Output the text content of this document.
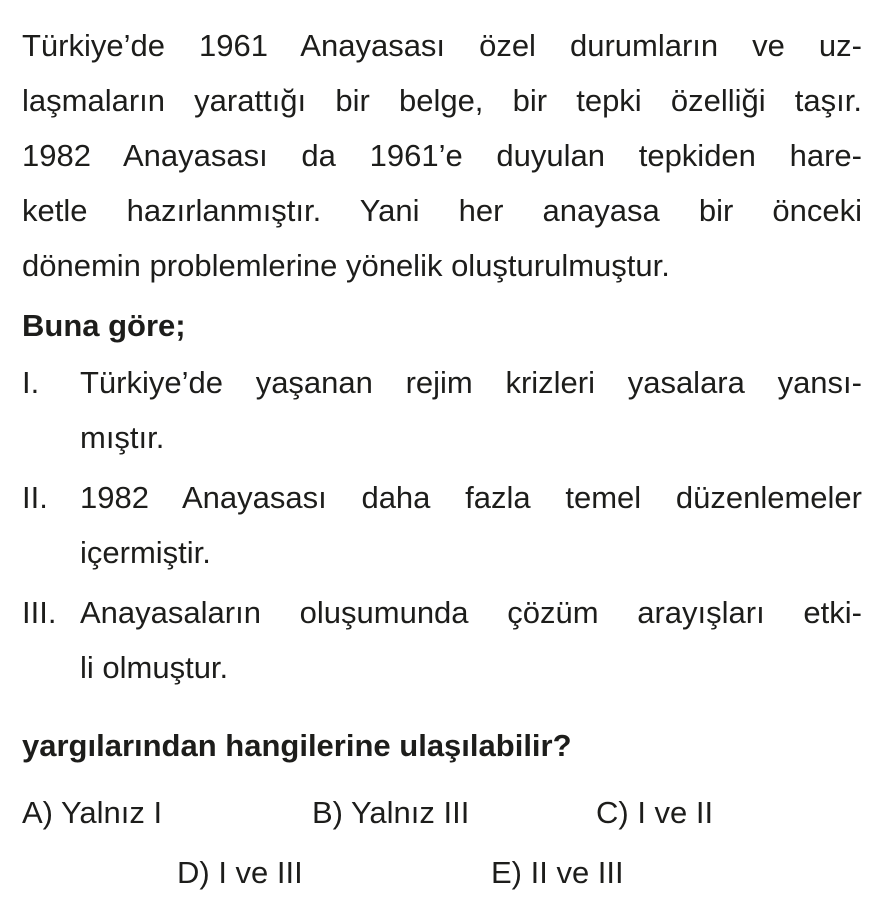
Türkiye’de 1961 Anayasası özel durumların ve uz-
laşmaların yarattığı bir belge, bir tepki özelliği taşır.
1982 Anayasası da 1961’e duyulan tepkiden hare-
ketle hazırlanmıştır. Yani her anayasa bir önceki
dönemin problemlerine yönelik oluşturulmuştur.
Buna göre;
I. Türkiye’de yaşanan rejim krizleri yasalara yansı-
mıştır.
II. 1982 Anayasası daha fazla temel düzenlemeler
içermiştir.
III. Anayasaların oluşumunda çözüm arayışları etki-
li olmuştur.
yargılarından hangilerine ulaşılabilir?
A) Yalnız I	B) Yalnız III	C) I ve II
D) I ve III	E) II ve III
